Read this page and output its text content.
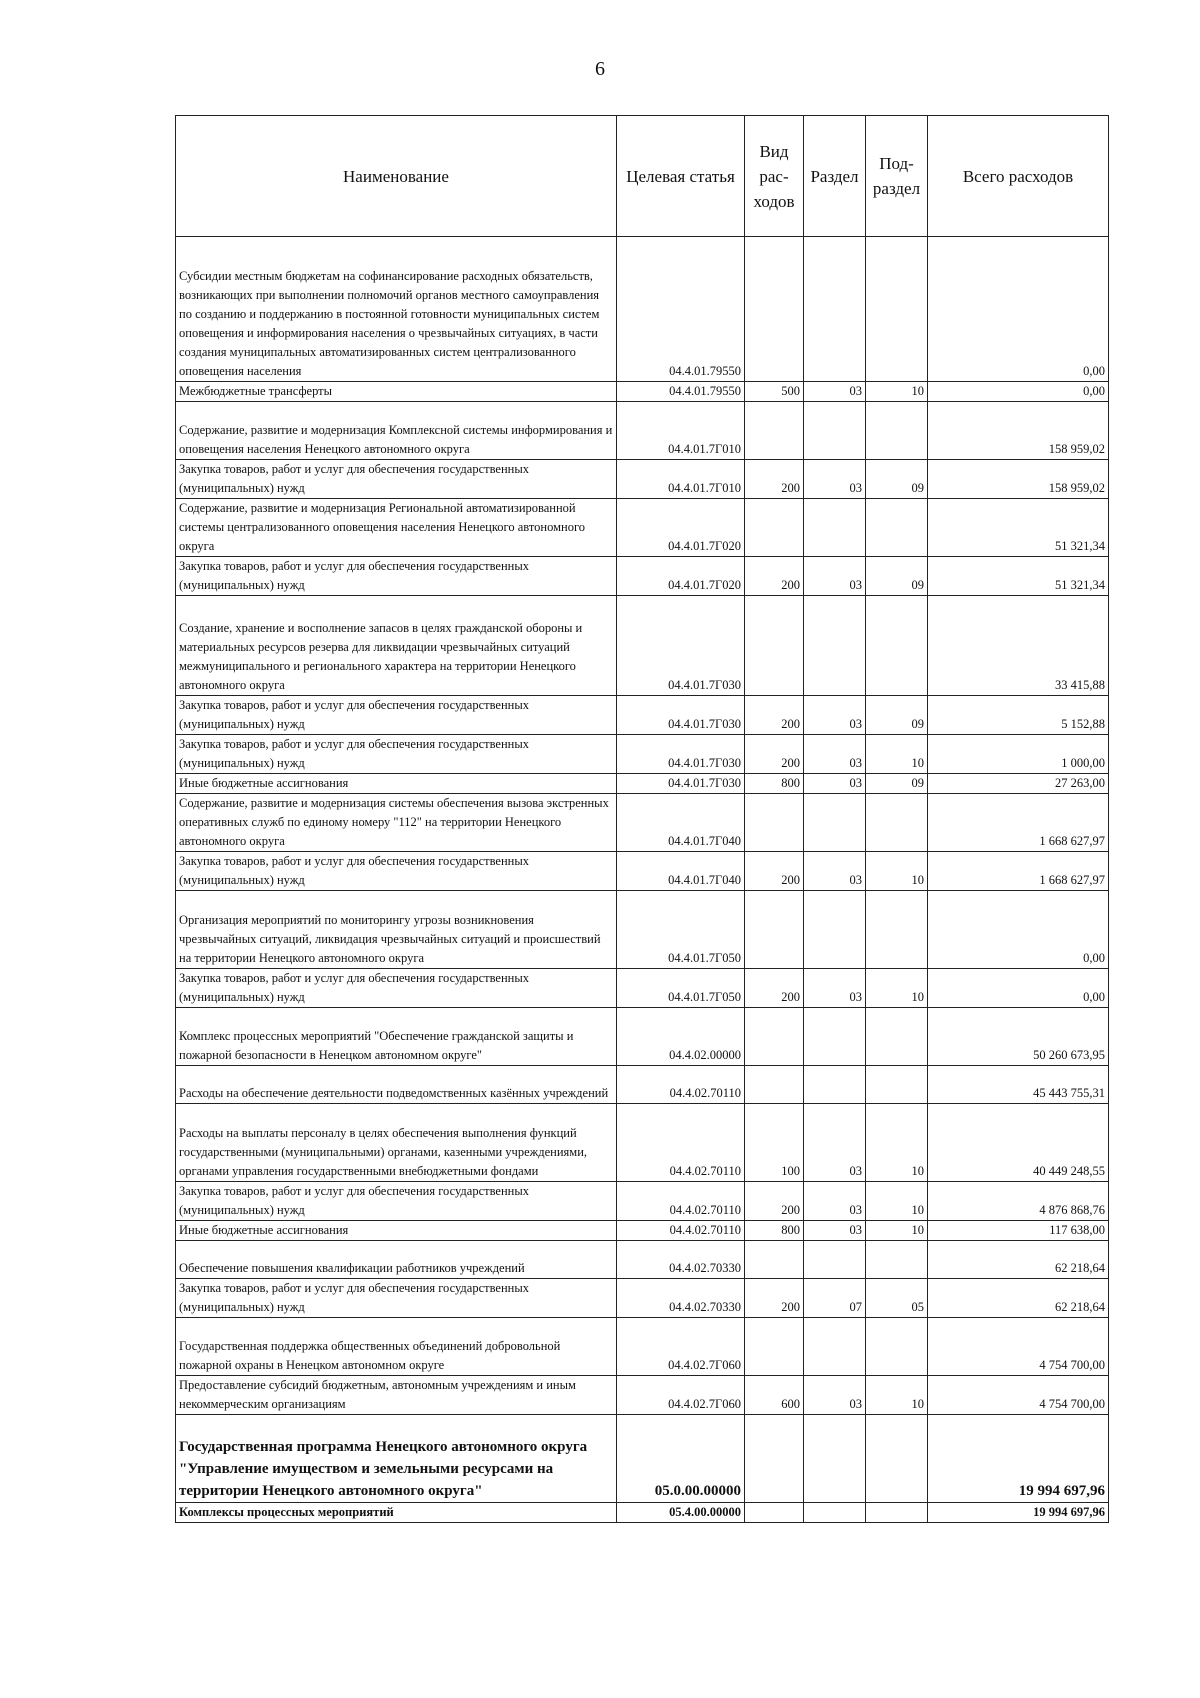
6
Наименование	Целевая статья	Вид рас-ходов	Раздел	Под-раздел	Всего расходов
Субсидии местным бюджетам на софинансирование расходных обязательств, возникающих при выполнении полномочий органов местного самоуправления по созданию и поддержанию в постоянной готовности муниципальных систем оповещения и информирования населения о чрезвычайных ситуациях, в части создания муниципальных автоматизированных систем централизованного оповещения населения	04.4.01.79550				0,00
Межбюджетные трансферты	04.4.01.79550	500	03	10	0,00
Содержание, развитие и модернизация Комплексной системы информирования и оповещения населения Ненецкого автономного округа	04.4.01.7Г010				158 959,02
Закупка товаров, работ и услуг для обеспечения государственных (муниципальных) нужд	04.4.01.7Г010	200	03	09	158 959,02
Содержание, развитие и модернизация Региональной автоматизированной системы централизованного оповещения населения Ненецкого автономного округа	04.4.01.7Г020				51 321,34
Закупка товаров, работ и услуг для обеспечения государственных (муниципальных) нужд	04.4.01.7Г020	200	03	09	51 321,34
Создание, хранение и восполнение запасов в целях гражданской обороны и материальных ресурсов резерва для ликвидации чрезвычайных ситуаций межмуниципального и регионального характера на территории Ненецкого автономного округа	04.4.01.7Г030				33 415,88
Закупка товаров, работ и услуг для обеспечения государственных (муниципальных) нужд	04.4.01.7Г030	200	03	09	5 152,88
Закупка товаров, работ и услуг для обеспечения государственных (муниципальных) нужд	04.4.01.7Г030	200	03	10	1 000,00
Иные бюджетные ассигнования	04.4.01.7Г030	800	03	09	27 263,00
Содержание, развитие и модернизация системы обеспечения вызова экстренных оперативных служб по единому номеру "112" на территории Ненецкого автономного округа	04.4.01.7Г040				1 668 627,97
Закупка товаров, работ и услуг для обеспечения государственных (муниципальных) нужд	04.4.01.7Г040	200	03	10	1 668 627,97
Организация мероприятий по мониторингу угрозы возникновения чрезвычайных ситуаций, ликвидация чрезвычайных ситуаций и происшествий на территории Ненецкого автономного округа	04.4.01.7Г050				0,00
Закупка товаров, работ и услуг для обеспечения государственных (муниципальных) нужд	04.4.01.7Г050	200	03	10	0,00
Комплекс процессных мероприятий "Обеспечение гражданской защиты и пожарной безопасности в Ненецком автономном округе"	04.4.02.00000				50 260 673,95
Расходы на обеспечение деятельности подведомственных казённых учреждений	04.4.02.70110				45 443 755,31
Расходы на выплаты персоналу в целях обеспечения выполнения функций государственными (муниципальными) органами, казенными учреждениями, органами управления государственными внебюджетными фондами	04.4.02.70110	100	03	10	40 449 248,55
Закупка товаров, работ и услуг для обеспечения государственных (муниципальных) нужд	04.4.02.70110	200	03	10	4 876 868,76
Иные бюджетные ассигнования	04.4.02.70110	800	03	10	117 638,00
Обеспечение повышения квалификации работников учреждений	04.4.02.70330				62 218,64
Закупка товаров, работ и услуг для обеспечения государственных (муниципальных) нужд	04.4.02.70330	200	07	05	62 218,64
Государственная поддержка общественных объединений добровольной пожарной охраны в Ненецком автономном округе	04.4.02.7Г060				4 754 700,00
Предоставление субсидий бюджетным, автономным учреждениям и иным некоммерческим организациям	04.4.02.7Г060	600	03	10	4 754 700,00
Государственная программа Ненецкого автономного округа "Управление имуществом и земельными ресурсами на территории Ненецкого автономного округа"	05.0.00.00000				19 994 697,96
Комплексы процессных мероприятий	05.4.00.00000				19 994 697,96
